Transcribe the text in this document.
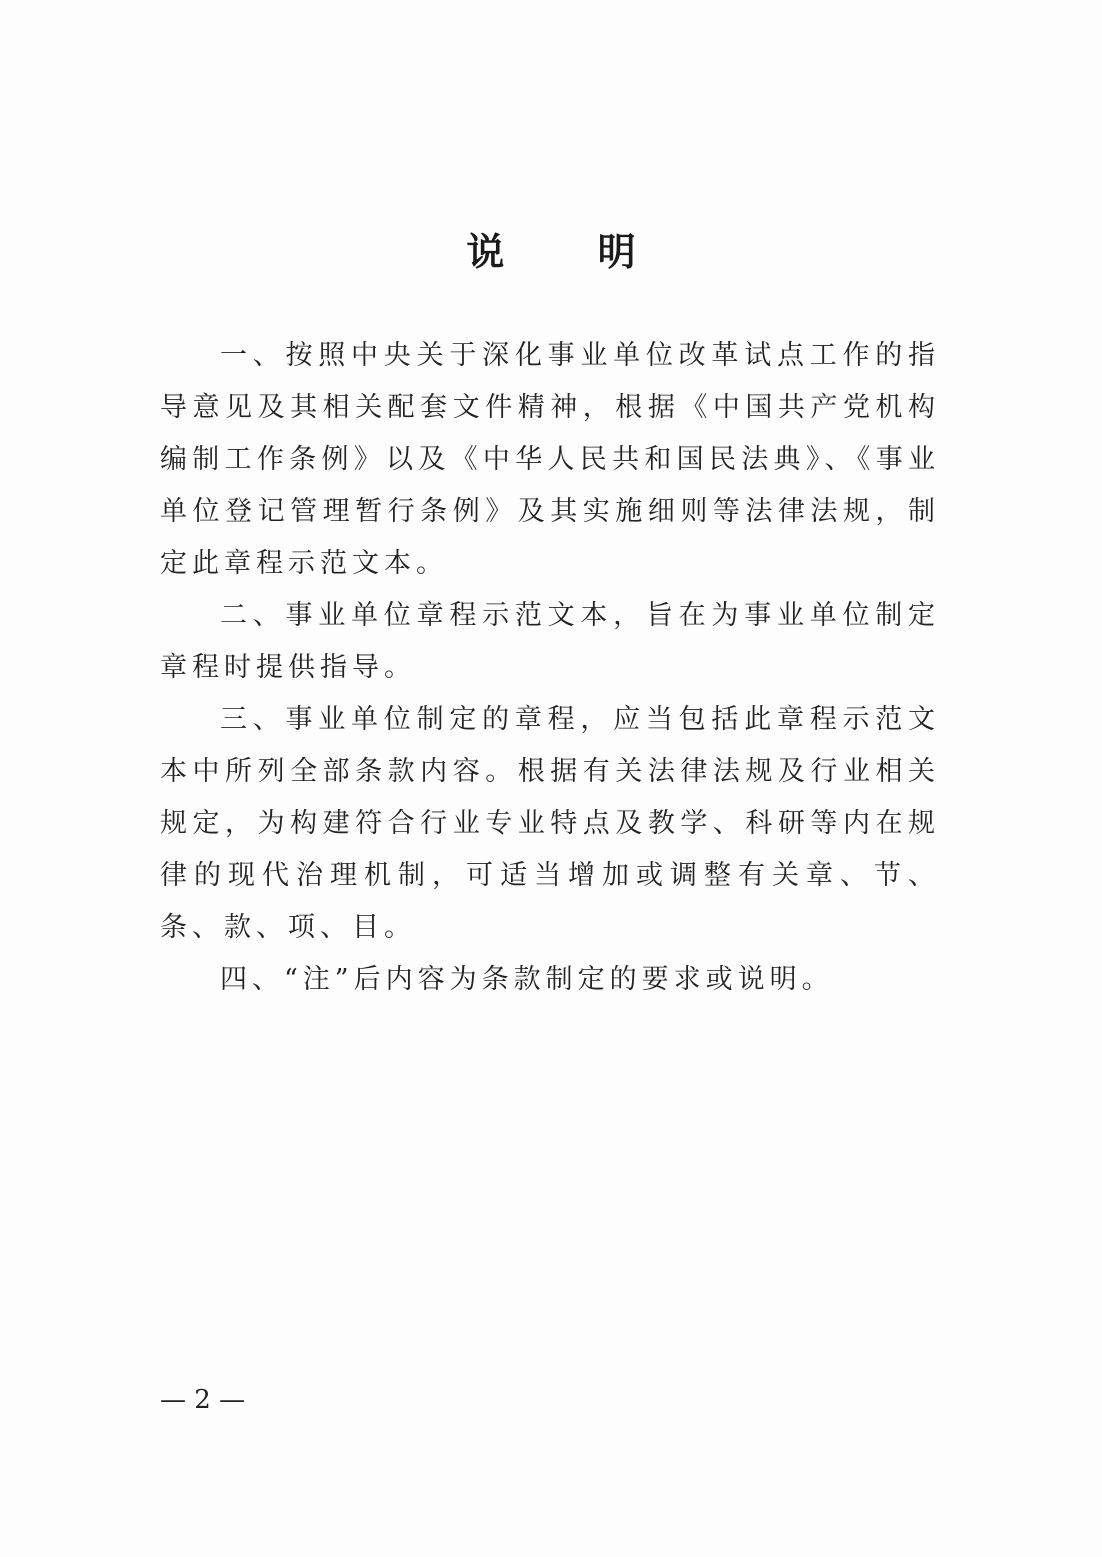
说 明

一、按照中央关于深化事业单位改革试点工作的指导意见及其相关配套文件精神，根据《中国共产党机构编制工作条例》以及《中华人民共和国民法典》、《事业单位登记管理暂行条例》及其实施细则等法律法规，制定此章程示范文本。

二、事业单位章程示范文本，旨在为事业单位制定章程时提供指导。

三、事业单位制定的章程，应当包括此章程示范文本中所列全部条款内容。根据有关法律法规及行业相关规定，为构建符合行业专业特点及教学、科研等内在规律的现代治理机制，可适当增加或调整有关章、节、条、款、项、目。

四、“注”后内容为条款制定的要求或说明。

— 2 —
